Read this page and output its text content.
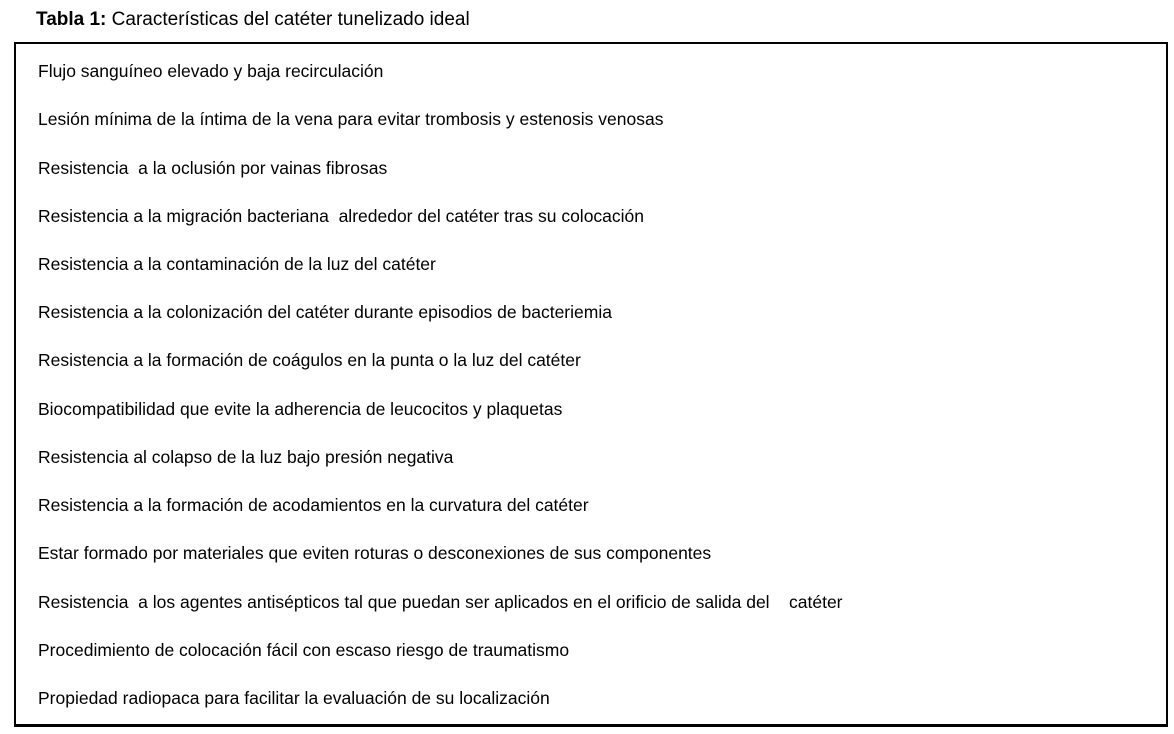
Tabla 1: Características del catéter tunelizado ideal
Flujo sanguíneo elevado y baja recirculación
Lesión mínima de la íntima de la vena para evitar trombosis y estenosis venosas
Resistencia  a la oclusión por vainas fibrosas
Resistencia a la migración bacteriana  alrededor del catéter tras su colocación
Resistencia a la contaminación de la luz del catéter
Resistencia a la colonización del catéter durante episodios de bacteriemia
Resistencia a la formación de coágulos en la punta o la luz del catéter
Biocompatibilidad que evite la adherencia de leucocitos y plaquetas
Resistencia al colapso de la luz bajo presión negativa
Resistencia a la formación de acodamientos en la curvatura del catéter
Estar formado por materiales que eviten roturas o desconexiones de sus componentes
Resistencia  a los agentes antisépticos tal que puedan ser aplicados en el orificio de salida del    catéter
Procedimiento de colocación fácil con escaso riesgo de traumatismo
Propiedad radiopaca para facilitar la evaluación de su localización
